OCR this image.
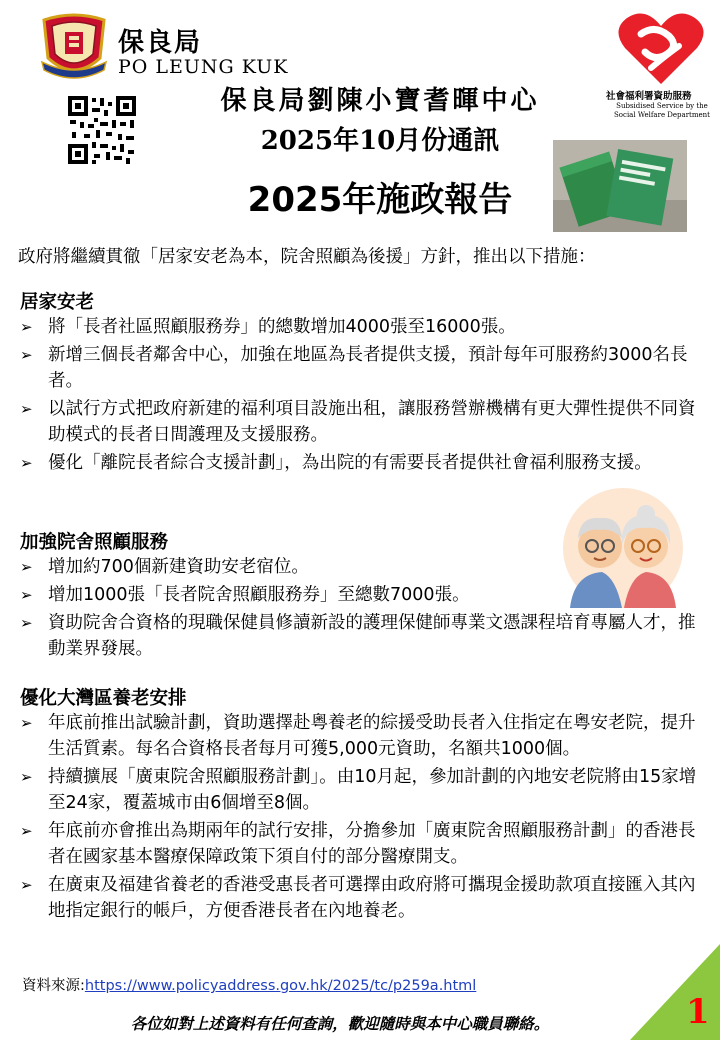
保良局
PO LEUNG KUK
社會福利署資助服務
Subsidised Service by the Social Welfare Department
保良局劉陳小寶耆暉中心
2025年10月份通訊
2025年施政報告
政府將繼續貫徹「居家安老為本，院舍照顧為後援」方針，推出以下措施：
居家安老
➢ 將「長者社區照顧服務券」的總數增加4000張至16000張。
➢ 新增三個長者鄰舍中心，加強在地區為長者提供支援，預計每年可服務約3000名長者。
➢ 以試行方式把政府新建的福利項目設施出租，讓服務營辦機構有更大彈性提供不同資助模式的長者日間護理及支援服務。
➢ 優化「離院長者綜合支援計劃」，為出院的有需要長者提供社會福利服務支援。
加強院舍照顧服務
➢ 增加約700個新建資助安老宿位。
➢ 增加1000張「長者院舍照顧服務券」至總數7000張。
➢ 資助院舍合資格的現職保健員修讀新設的護理保健師專業文憑課程培育專屬人才，推動業界發展。
優化大灣區養老安排
➢ 年底前推出試驗計劃，資助選擇赴粵養老的綜援受助長者入住指定在粵安老院，提升生活質素。每名合資格長者每月可獲5,000元資助，名額共1000個。
➢ 持續擴展「廣東院舍照顧服務計劃」。由10月起，參加計劃的內地安老院將由15家增至24家，覆蓋城市由6個增至8個。
➢ 年底前亦會推出為期兩年的試行安排，分擔參加「廣東院舍照顧服務計劃」的香港長者在國家基本醫療保障政策下須自付的部分醫療開支。
➢ 在廣東及福建省養老的香港受惠長者可選擇由政府將可攜現金援助款項直接匯入其內地指定銀行的帳戶，方便香港長者在內地養老。
資料來源:https://www.policyaddress.gov.hk/2025/tc/p259a.html
各位如對上述資料有任何查詢，歡迎隨時與本中心職員聯絡。	1
